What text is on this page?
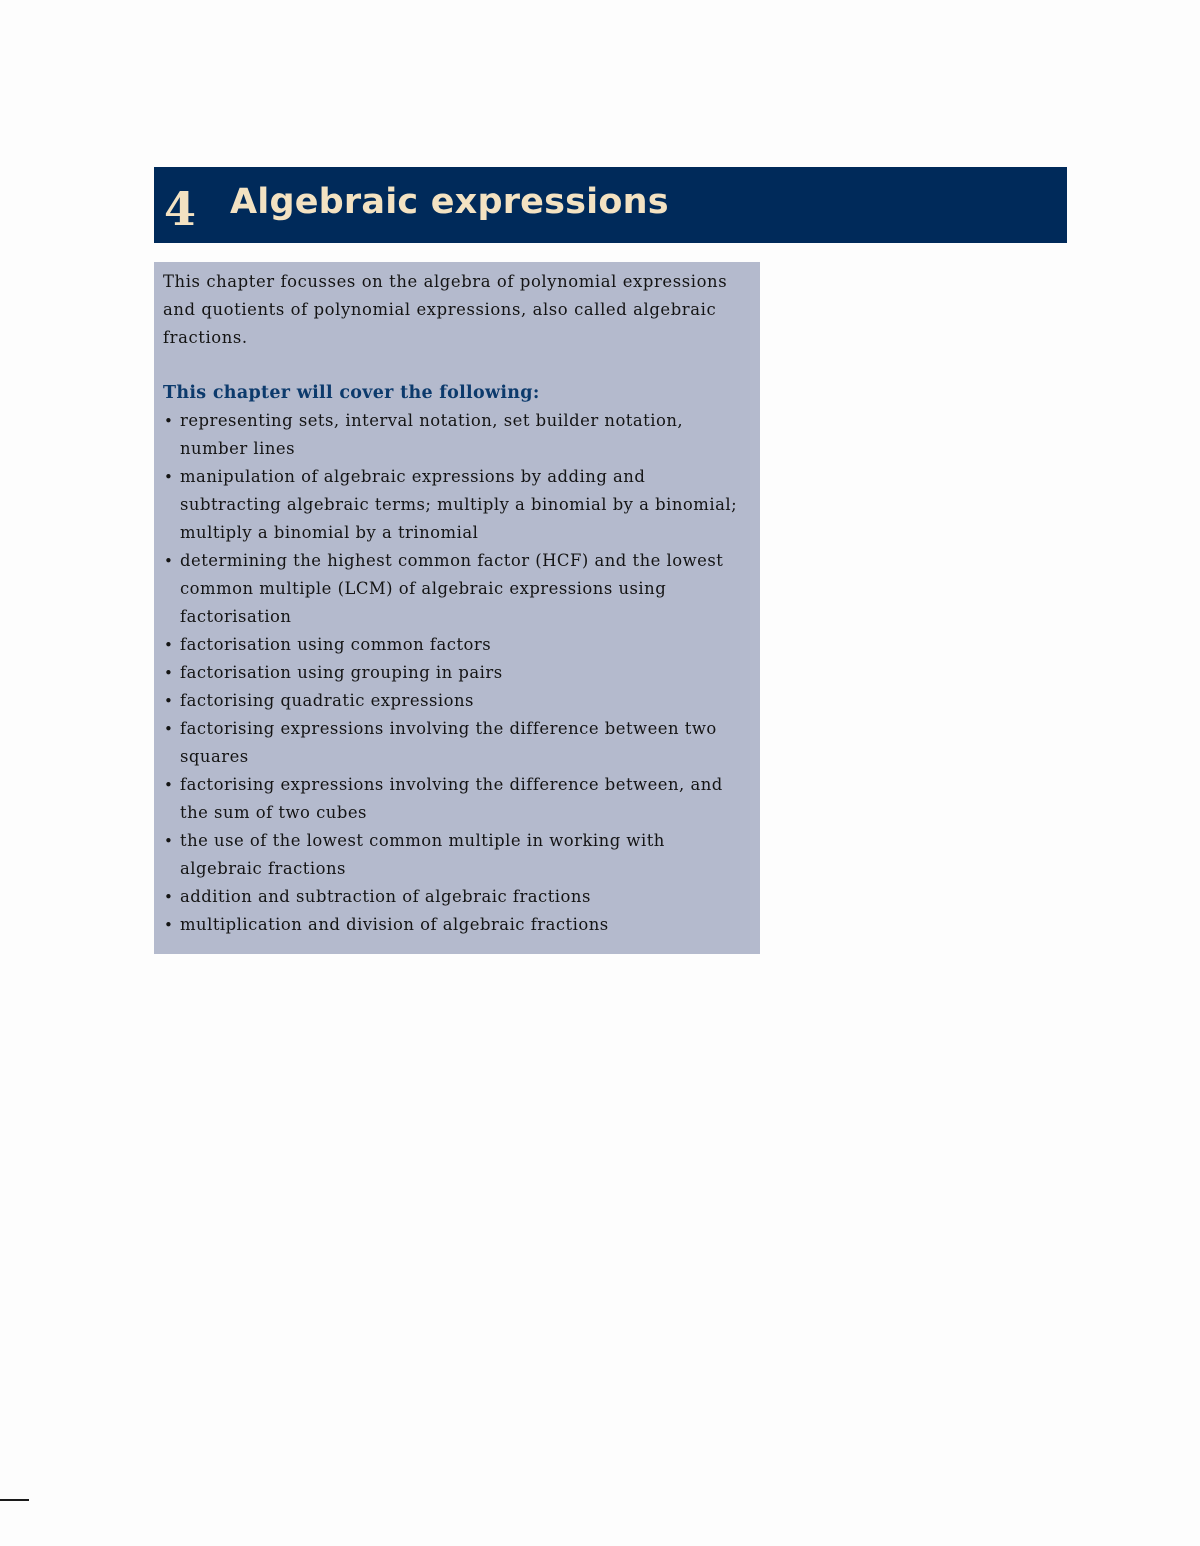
4 Algebraic expressions

This chapter focusses on the algebra of polynomial expressions and quotients of polynomial expressions, also called algebraic fractions.

This chapter will cover the following:

• representing sets, interval notation, set builder notation, number lines
• manipulation of algebraic expressions by adding and subtracting algebraic terms; multiply a binomial by a binomial; multiply a binomial by a trinomial
• determining the highest common factor (HCF) and the lowest common multiple (LCM) of algebraic expressions using factorisation
• factorisation using common factors
• factorisation using grouping in pairs
• factorising quadratic expressions
• factorising expressions involving the difference between two squares
• factorising expressions involving the difference between, and the sum of two cubes
• the use of the lowest common multiple in working with algebraic fractions
• addition and subtraction of algebraic fractions
• multiplication and division of algebraic fractions
